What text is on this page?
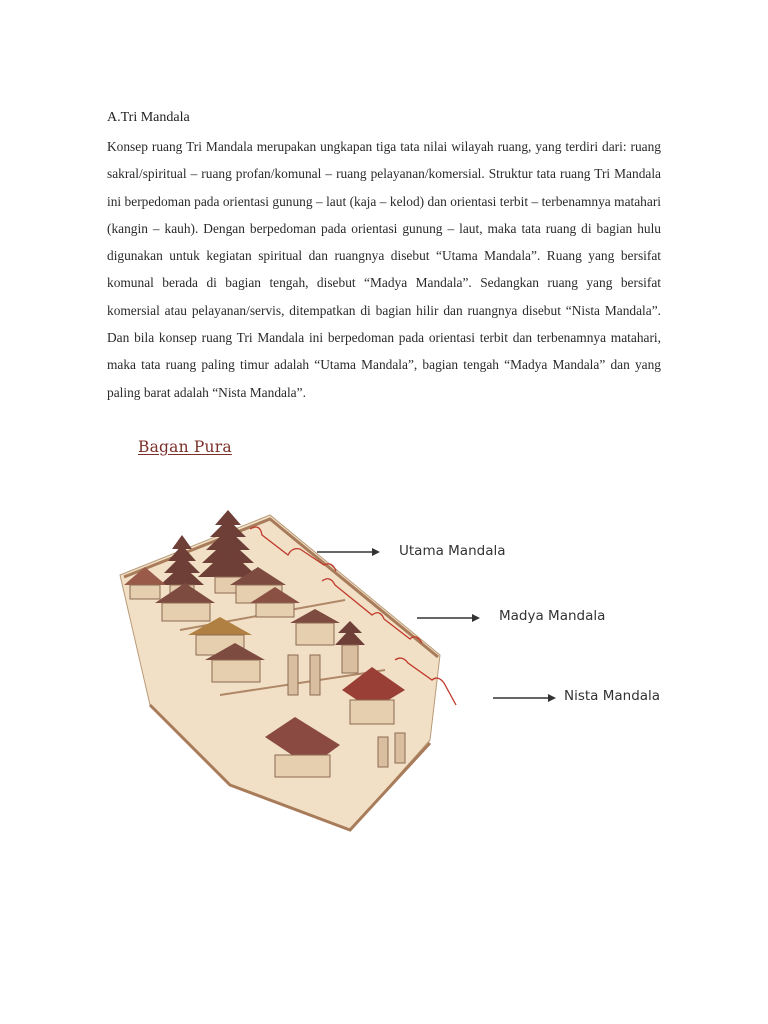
A.Tri Mandala

Konsep ruang Tri Mandala merupakan ungkapan tiga tata nilai wilayah ruang, yang terdiri dari: ruang sakral/spiritual – ruang profan/komunal – ruang pelayanan/komersial. Struktur tata ruang Tri Mandala ini berpedoman pada orientasi gunung – laut (kaja – kelod) dan orientasi terbit – terbenamnya matahari (kangin – kauh). Dengan berpedoman pada orientasi gunung – laut, maka tata ruang di bagian hulu digunakan untuk kegiatan spiritual dan ruangnya disebut “Utama Mandala”. Ruang yang bersifat komunal berada di bagian tengah, disebut “Madya Mandala”. Sedangkan ruang yang bersifat komersial atau pelayanan/servis, ditempatkan di bagian hilir dan ruangnya disebut “Nista Mandala”. Dan bila konsep ruang Tri Mandala ini berpedoman pada orientasi terbit dan terbenamnya matahari, maka tata ruang paling timur adalah “Utama Mandala”, bagian tengah “Madya Mandala” dan yang paling barat adalah “Nista Mandala”.

Bagan Pura
Utama Mandala
Madya Mandala
Nista Mandala
